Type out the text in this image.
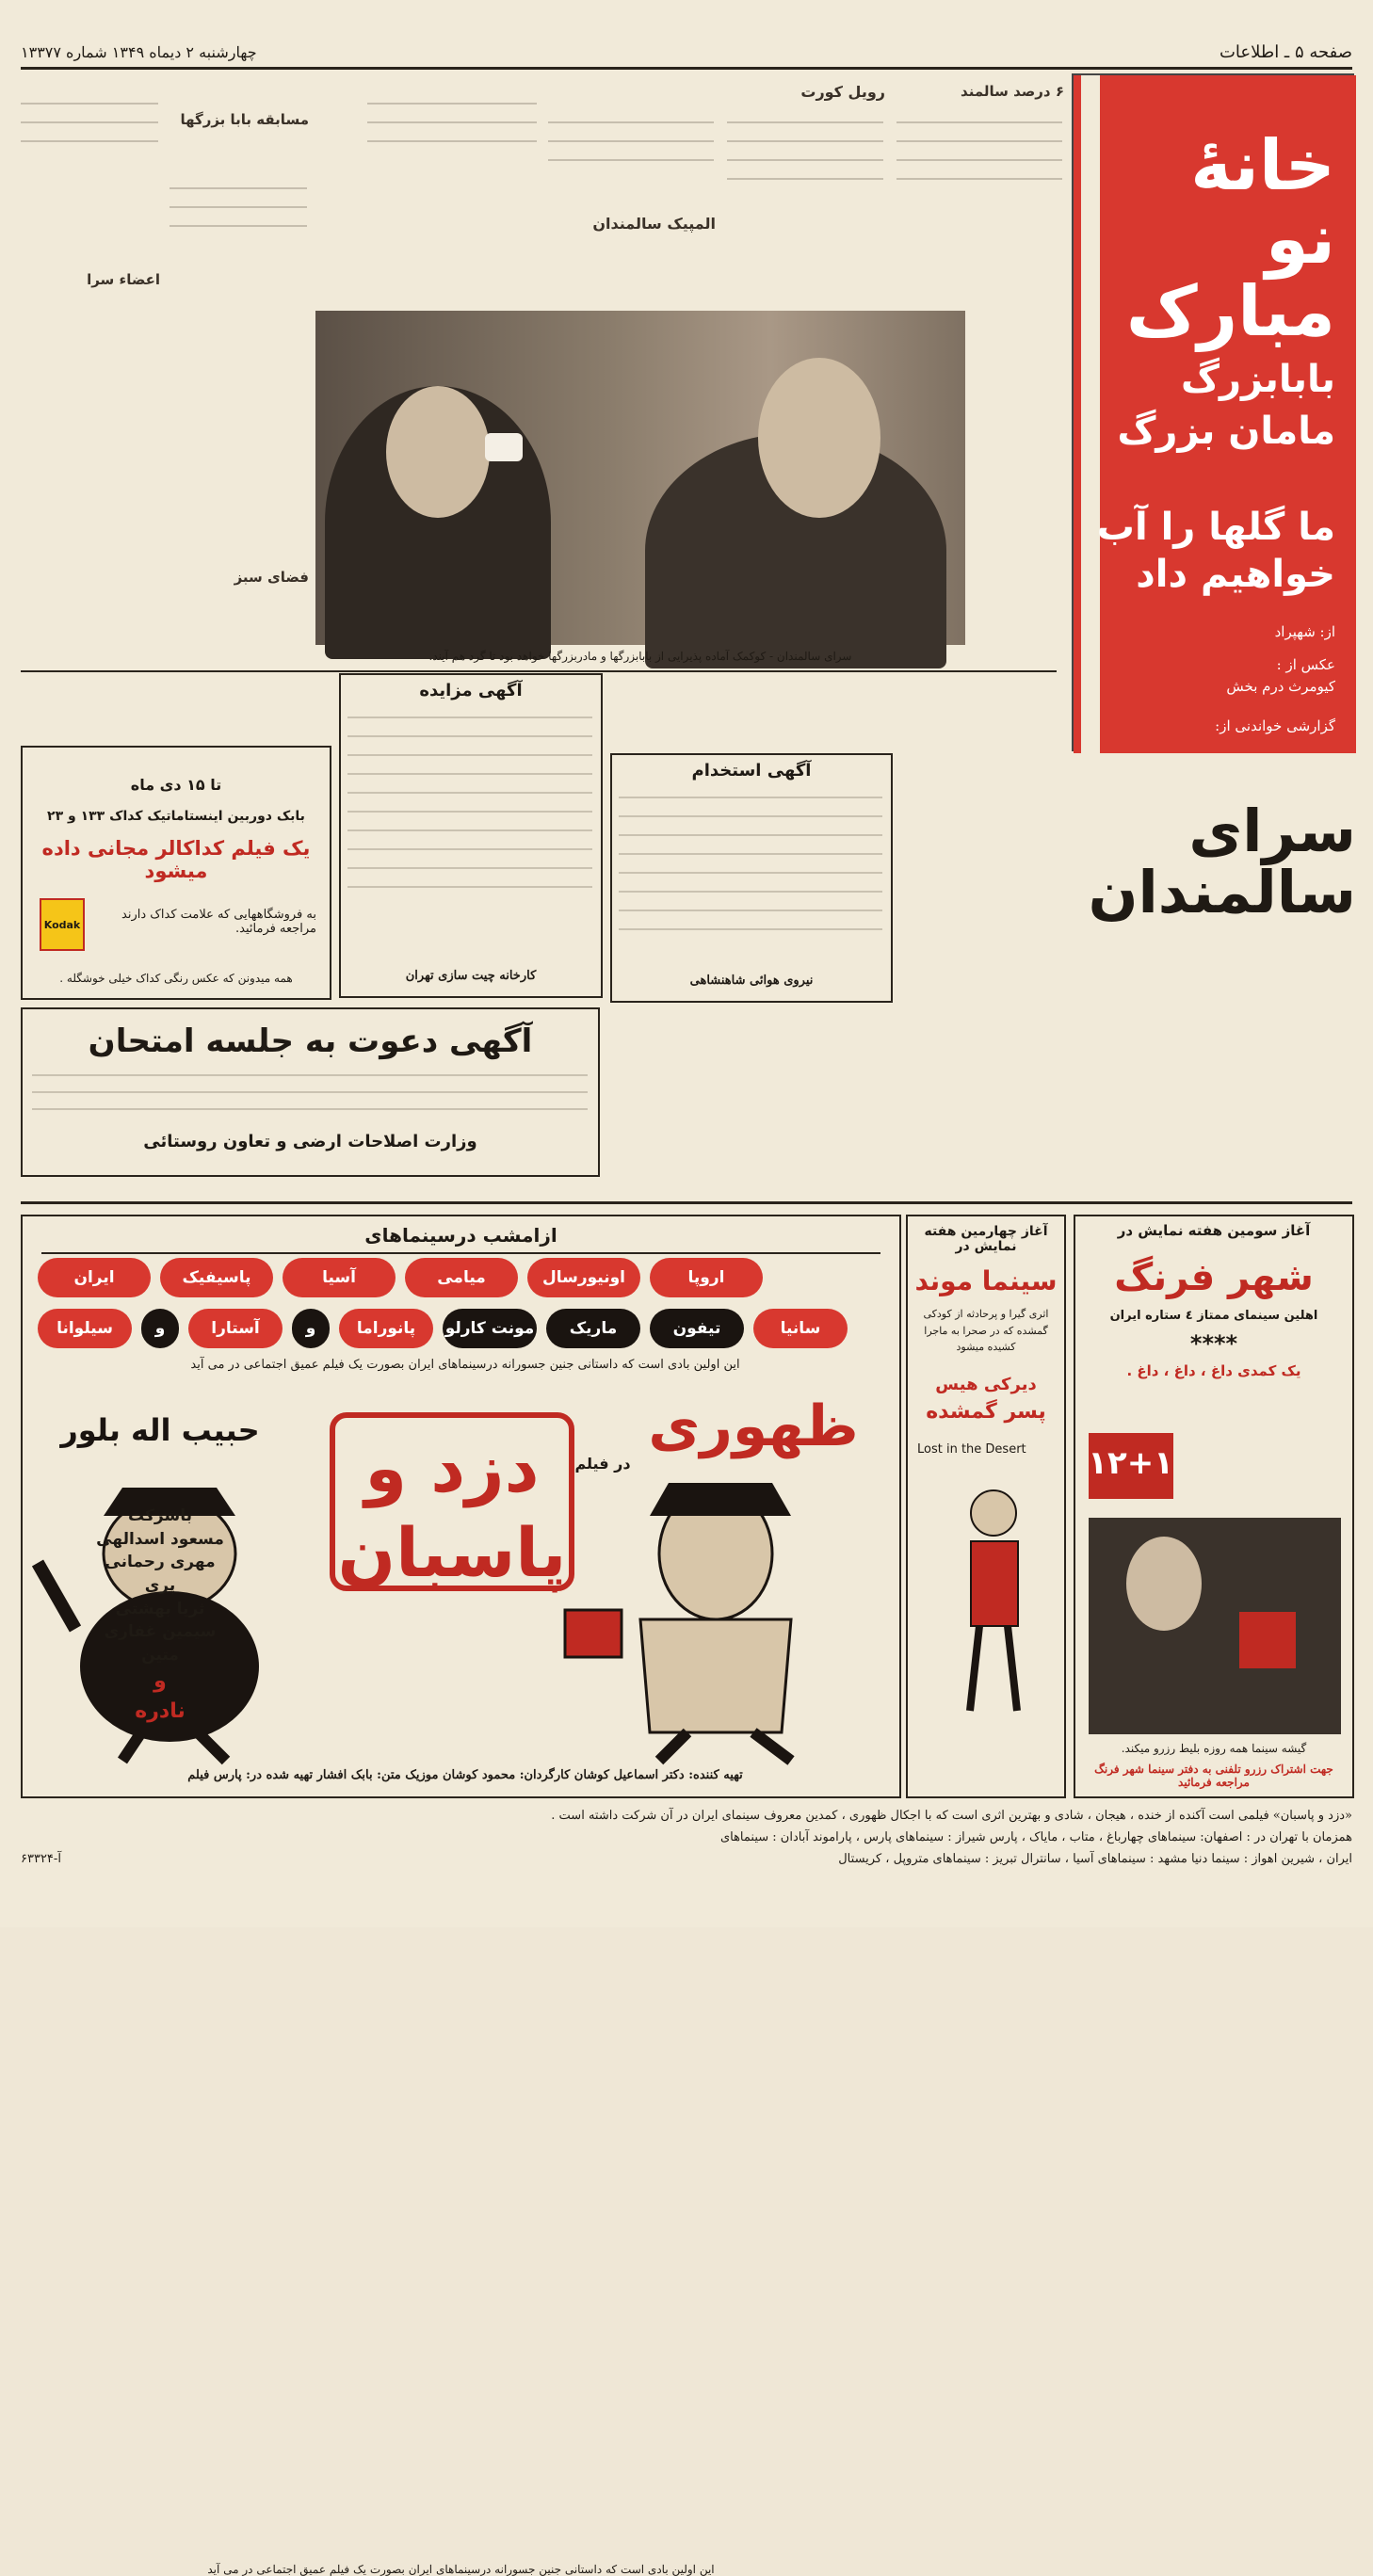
صفحه ۵ ـ اطلاعات
چهارشنبه ۲ دیماه ۱۳۴۹ شماره ۱۳۳۷۷
خانهٔ نو مبارک
بابابزرگ
مامان بزرگ
ما گلها را آب خواهیم داد
از: شهپراد
عکس از :
کیومرث درم بخش
گزارشی خواندنی از:
سرای سالمندان
۶ درصد سالمند
رویل کورت
المپیک سالمندان
مسابقه بابا بزرگها
اعضاء سرا
فضای سبز
سرای سالمندان - کوکمک آماده پذیرایی از بابابزرگها و مادربزرگها خواهد بود تا گرد هم آیند.
تا ۱۵ دی ماه
بابک دوربین اینستاماتیک کداک ۱۳۳ و ۲۳
یک فیلم کداکالر مجانی داده میشود
Kodak
به فروشگاههایی که علامت کداک دارند مراجعه فرمائید.
همه میدونن که عکس رنگی کداک خیلی خوشگله .
آگهی مزایده
کارخانه چیت سازی تهران
آگهی استخدام
نیروی هوائی شاهنشاهی
آگهی دعوت به جلسه امتحان
وزارت اصلاحات ارضی و تعاون روستائی
ازامشب درسینماهای
این اولین بادی است که داستانی جنین جسورانه درسینماهای ایران بصورت یک فیلم عمیق اجتماعی در می آید
ایران	پاسیفیک	آسیا	میامی	اونیورسال	اروپا
سیلوانا	و	آستارا	و	پانوراما	مونت کارلو	ماریک	تیفون	سانیا
این اولین بادی است که داستانی جنین جسورانه درسینماهای ایران بصورت یک فیلم عمیق اجتماعی در می آید
حبیب اله بلور	ظهوری
در فیلم
دزد و پاسبان
باشرکت
مسعود اسدالهی
مهری رحمانی
پری
ثریا بهشتی
سیمین غفاری
متین
و
نادره
تهیه کننده: دکتر اسماعیل کوشان کارگردان: محمود کوشان موزیک متن: بابک افشار تهیه شده در: پارس فیلم
آغاز چهارمین هفته نمایش در
سینما موند
اثری گیرا و پرحادثه از کودکی گمشده که در صحرا به ماجرا کشیده میشود
دیرکی هیس
پسر گمشده
Lost in the Desert
آغاز سومین هفته نمایش در
شهر فرنگ
اهلین سینمای ممتاز ٤ ستاره ایران
****
یک کمدی داغ ، داغ ، داغ .
۱۲+۱
گیشه سینما همه روزه بلیط رزرو میکند.
جهت اشتراک رزرو تلفنی به دفتر سینما شهر فرنگ مراجعه فرمائید
«دزد و پاسبان» فیلمی است آکنده از خنده ، هیجان ، شادی و بهترین اثری است که با اجکال ظهوری ، کمدین معروف سینمای ایران در آن شرکت داشته است .
همزمان با تهران در : اصفهان: سینماهای چهارباغ ، متاب ، مایاک ، پارس شیراز : سینماهای پارس ، پاراموند آبادان : سینماهای
ایران ، شیرین اهواز : سینما دنیا مشهد : سینماهای آسیا ، سانترال تبریز : سینماهای متروپل ، کریستال
آ-۶۳۳۲۴
